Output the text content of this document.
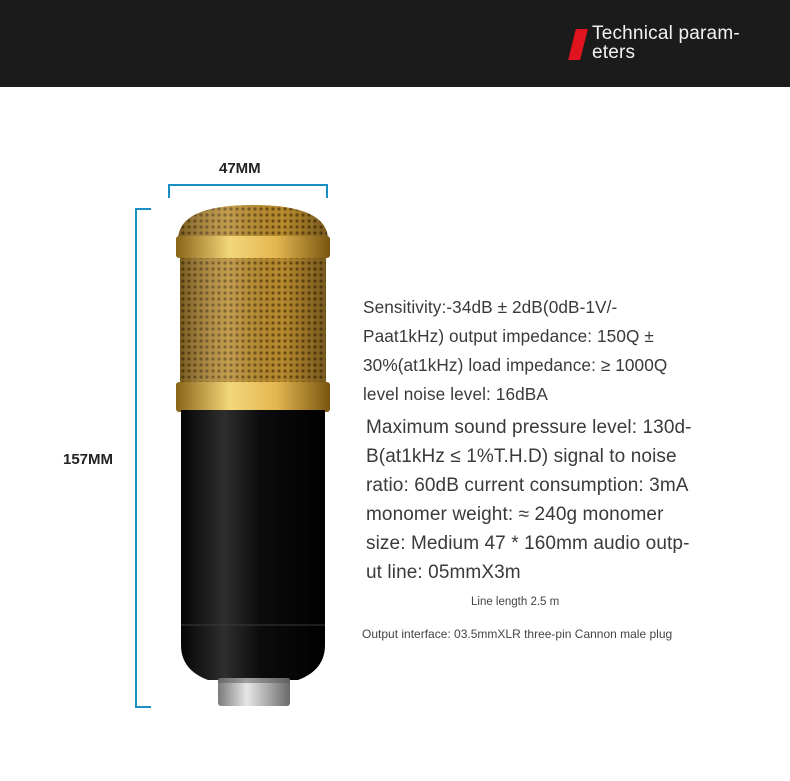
Technical param-
eters
47MM
157MM
Sensitivity:-34dB ± 2dB(0dB-1V/-
Paat1kHz) output impedance: 150Q ±
30%(at1kHz) load impedance: ≥ 1000Q
level noise level: 16dBA
Maximum sound pressure level: 130d-
B(at1kHz ≤ 1%T.H.D) signal to noise
ratio: 60dB current consumption: 3mA
monomer weight: ≈ 240g monomer
size: Medium 47 * 160mm audio outp-
ut line: 05mmX3m
Line length 2.5 m
Output interface: 03.5mmXLR three-pin Cannon male plug
